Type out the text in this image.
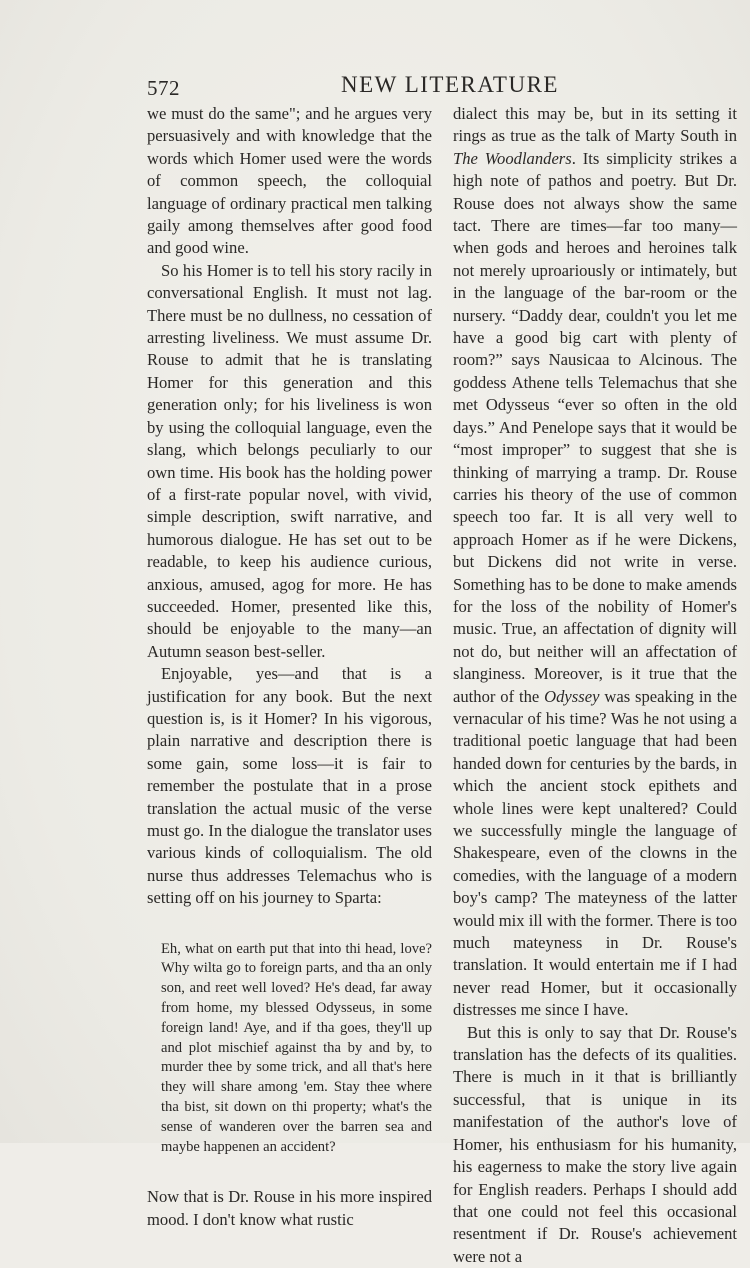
572	NEW LITERATURE

we must do the same"; and he argues very persuasively and with knowledge that the words which Homer used were the words of common speech, the colloquial language of ordinary practical men talking gaily among themselves after good food and good wine.

So his Homer is to tell his story racily in conversational English. It must not lag. There must be no dullness, no cessation of arresting liveliness. We must assume Dr. Rouse to admit that he is translating Homer for this generation and this generation only; for his liveliness is won by using the colloquial language, even the slang, which belongs peculiarly to our own time. His book has the holding power of a first-rate popular novel, with vivid, simple description, swift narrative, and humorous dialogue. He has set out to be readable, to keep his audience curious, anxious, amused, agog for more. He has succeeded. Homer, presented like this, should be enjoyable to the many—an Autumn season best-seller.

Enjoyable, yes—and that is a justification for any book. But the next question is, is it Homer? In his vigorous, plain narrative and description there is some gain, some loss—it is fair to remember the postulate that in a prose translation the actual music of the verse must go. In the dialogue the translator uses various kinds of colloquialism. The old nurse thus addresses Telemachus who is setting off on his journey to Sparta:

Eh, what on earth put that into thi head, love? Why wilta go to foreign parts, and tha an only son, and reet well loved? He's dead, far away from home, my blessed Odysseus, in some foreign land! Aye, and if tha goes, they'll up and plot mischief against tha by and by, to murder thee by some trick, and all that's here they will share among 'em. Stay thee where tha bist, sit down on thi property; what's the sense of wanderen over the barren sea and maybe happenen an accident?

Now that is Dr. Rouse in his more inspired mood. I don't know what rustic

dialect this may be, but in its setting it rings as true as the talk of Marty South in The Woodlanders. Its simplicity strikes a high note of pathos and poetry. But Dr. Rouse does not always show the same tact. There are times—far too many—when gods and heroes and heroines talk not merely uproariously or intimately, but in the language of the bar-room or the nursery. “Daddy dear, couldn't you let me have a good big cart with plenty of room?” says Nausicaa to Alcinous. The goddess Athene tells Telemachus that she met Odysseus “ever so often in the old days.” And Penelope says that it would be “most improper” to suggest that she is thinking of marrying a tramp. Dr. Rouse carries his theory of the use of common speech too far. It is all very well to approach Homer as if he were Dickens, but Dickens did not write in verse. Something has to be done to make amends for the loss of the nobility of Homer's music. True, an affectation of dignity will not do, but neither will an affectation of slanginess. Moreover, is it true that the author of the Odyssey was speaking in the vernacular of his time? Was he not using a traditional poetic language that had been handed down for centuries by the bards, in which the ancient stock epithets and whole lines were kept unaltered? Could we successfully mingle the language of Shakespeare, even of the clowns in the comedies, with the language of a modern boy's camp? The mateyness of the latter would mix ill with the former. There is too much mateyness in Dr. Rouse's translation. It would entertain me if I had never read Homer, but it occasionally distresses me since I have.

But this is only to say that Dr. Rouse's translation has the defects of its qualities. There is much in it that is brilliantly successful, that is unique in its manifestation of the author's love of Homer, his enthusiasm for his humanity, his eagerness to make the story live again for English readers. Perhaps I should add that one could not feel this occasional resentment if Dr. Rouse's achievement were not a
